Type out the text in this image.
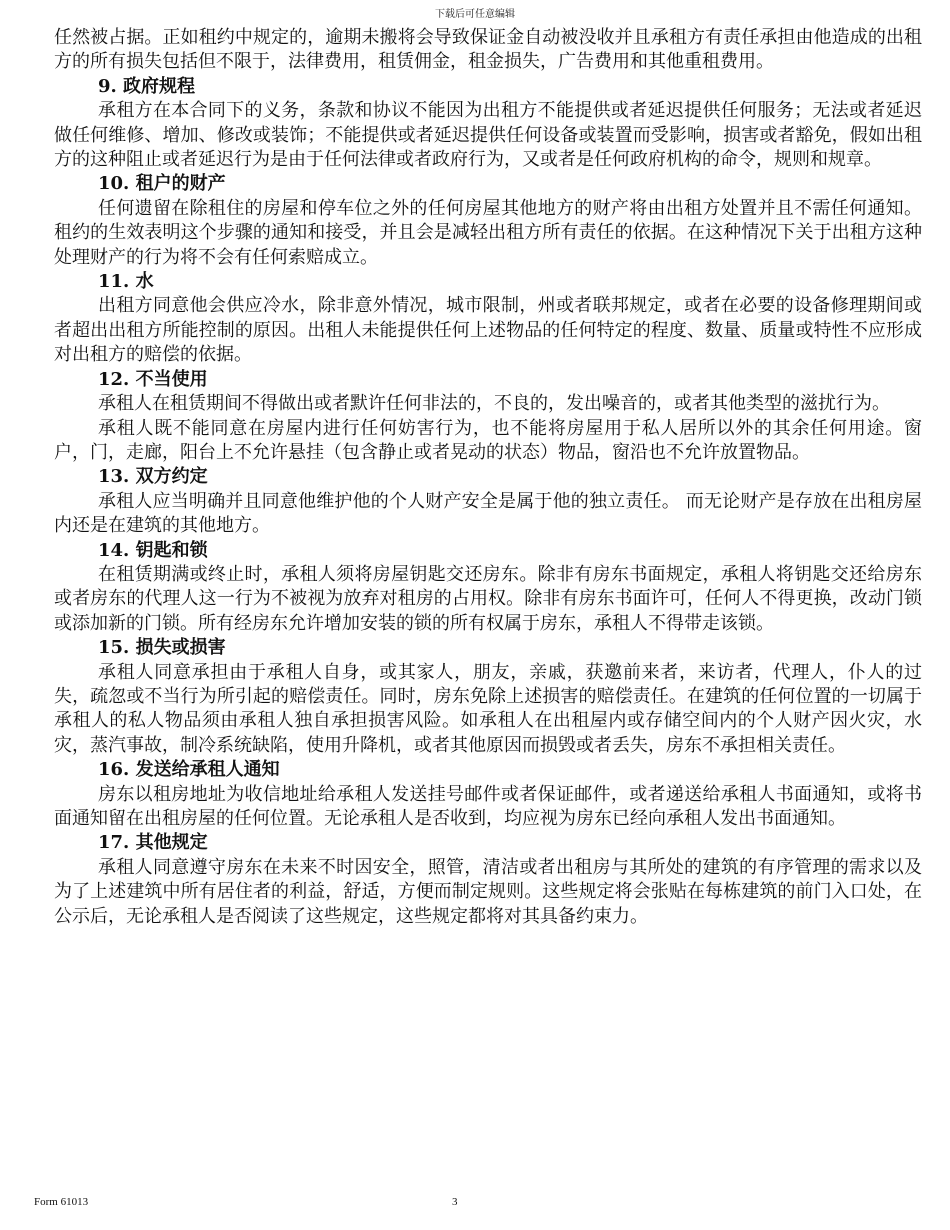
下载后可任意编辑

任然被占据。正如租约中规定的，逾期未搬将会导致保证金自动被没收并且承租方有责任承担由他造成的出租方的所有损失包括但不限于，法律费用，租赁佣金，租金损失，广告费用和其他重租费用。

9. 政府规程

承租方在本合同下的义务，条款和协议不能因为出租方不能提供或者延迟提供任何服务；无法或者延迟做任何维修、增加、修改或装饰；不能提供或者延迟提供任何设备或装置而受影响，损害或者豁免，假如出租方的这种阻止或者延迟行为是由于任何法律或者政府行为，又或者是任何政府机构的命令，规则和规章。

10. 租户的财产

任何遗留在除租住的房屋和停车位之外的任何房屋其他地方的财产将由出租方处置并且不需任何通知。租约的生效表明这个步骤的通知和接受，并且会是减轻出租方所有责任的依据。在这种情况下关于出租方这种处理财产的行为将不会有任何索赔成立。

11. 水

出租方同意他会供应冷水，除非意外情况，城市限制，州或者联邦规定，或者在必要的设备修理期间或者超出出租方所能控制的原因。出租人未能提供任何上述物品的任何特定的程度、数量、质量或特性不应形成对出租方的赔偿的依据。

12. 不当使用

承租人在租赁期间不得做出或者默许任何非法的，不良的，发出噪音的，或者其他类型的滋扰行为。

承租人既不能同意在房屋内进行任何妨害行为，也不能将房屋用于私人居所以外的其余任何用途。窗户，门，走廊，阳台上不允许悬挂（包含静止或者晃动的状态）物品，窗沿也不允许放置物品。

13. 双方约定

承租人应当明确并且同意他维护他的个人财产安全是属于他的独立责任。 而无论财产是存放在出租房屋内还是在建筑的其他地方。

14. 钥匙和锁

在租赁期满或终止时，承租人须将房屋钥匙交还房东。除非有房东书面规定，承租人将钥匙交还给房东或者房东的代理人这一行为不被视为放弃对租房的占用权。除非有房东书面许可，任何人不得更换，改动门锁或添加新的门锁。所有经房东允许增加安装的锁的所有权属于房东，承租人不得带走该锁。

15. 损失或损害

承租人同意承担由于承租人自身，或其家人，朋友，亲戚，获邀前来者，来访者，代理人，仆人的过失，疏忽或不当行为所引起的赔偿责任。同时，房东免除上述损害的赔偿责任。在建筑的任何位置的一切属于承租人的私人物品须由承租人独自承担损害风险。如承租人在出租屋内或存储空间内的个人财产因火灾，水灾，蒸汽事故，制冷系统缺陷，使用升降机，或者其他原因而损毁或者丢失，房东不承担相关责任。

16. 发送给承租人通知

房东以租房地址为收信地址给承租人发送挂号邮件或者保证邮件，或者递送给承租人书面通知，或将书面通知留在出租房屋的任何位置。无论承租人是否收到，均应视为房东已经向承租人发出书面通知。

17. 其他规定

承租人同意遵守房东在未来不时因安全，照管，清洁或者出租房与其所处的建筑的有序管理的需求以及为了上述建筑中所有居住者的利益，舒适，方便而制定规则。这些规定将会张贴在每栋建筑的前门入口处，在公示后，无论承租人是否阅读了这些规定，这些规定都将对其具备约束力。

Form 61013	3
